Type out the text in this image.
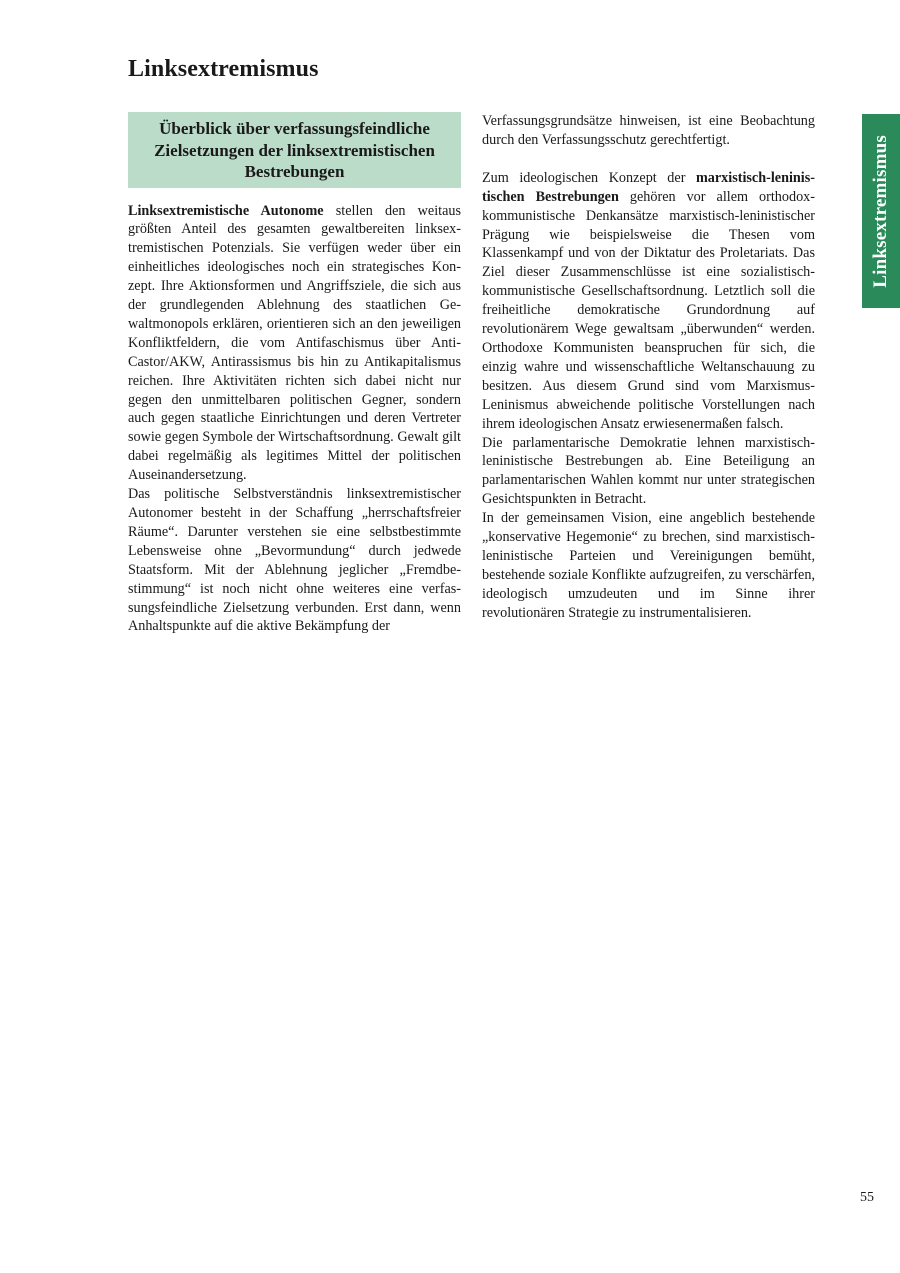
Linksextremismus
Überblick über verfassungsfeindliche
Zielsetzungen der linksextremistischen
Bestrebungen

Linksextremistische Autonome stellen den weitaus größten Anteil des gesamten gewaltbereiten linksextremistischen Potenzials. Sie verfügen weder über ein einheitliches ideologisches noch ein strategisches Konzept. Ihre Aktionsformen und Angriffsziele, die sich aus der grundlegenden Ablehnung des staatlichen Gewaltmonopols erklären, orientieren sich an den jeweiligen Konfliktfeldern, die vom Antifaschismus über Anti-Castor/AKW, Antirassismus bis hin zu Antikapitalismus reichen. Ihre Aktivitäten richten sich dabei nicht nur gegen den unmittelbaren politischen Gegner, sondern auch gegen staatliche Einrichtungen und deren Vertreter sowie gegen Symbole der Wirtschaftsordnung. Gewalt gilt dabei regelmäßig als legitimes Mittel der politischen Auseinandersetzung.

Das politische Selbstverständnis linksextremistischer Autonomer besteht in der Schaffung „herrschaftsfreier Räume“. Darunter verstehen sie eine selbstbestimmte Lebensweise ohne „Bevormundung“ durch jedwede Staatsform. Mit der Ablehnung jeglicher „Fremdbestimmung“ ist noch nicht ohne weiteres eine verfassungsfeindliche Zielsetzung verbunden. Erst dann, wenn Anhaltspunkte auf die aktive Bekämpfung der

Verfassungsgrundsätze hinweisen, ist eine Beobachtung durch den Verfassungsschutz gerechtfertigt.

Zum ideologischen Konzept der marxistisch-leninistischen Bestrebungen gehören vor allem orthodox-kommunistische Denkansätze marxistisch-leninistischer Prägung wie beispielsweise die Thesen vom Klassenkampf und von der Diktatur des Proletariats. Das Ziel dieser Zusammenschlüsse ist eine sozialistisch-kommunistische Gesellschaftsordnung. Letztlich soll die freiheitliche demokratische Grundordnung auf revolutionärem Wege gewaltsam „überwunden“ werden. Orthodoxe Kommunisten beanspruchen für sich, die einzig wahre und wissenschaftliche Weltanschauung zu besitzen. Aus diesem Grund sind vom Marxismus-Leninismus abweichende politische Vorstellungen nach ihrem ideologischen Ansatz erwiesenermaßen falsch.

Die parlamentarische Demokratie lehnen marxistisch-leninistische Bestrebungen ab. Eine Beteiligung an parlamentarischen Wahlen kommt nur unter strategischen Gesichtspunkten in Betracht.

In der gemeinsamen Vision, eine angeblich bestehende „konservative Hegemonie“ zu brechen, sind marxistisch-leninistische Parteien und Vereinigungen bemüht, bestehende soziale Konflikte aufzugreifen, zu verschärfen, ideologisch umzudeuten und im Sinne ihrer revolutionären Strategie zu instrumentalisieren.

Linksextremismus
55
